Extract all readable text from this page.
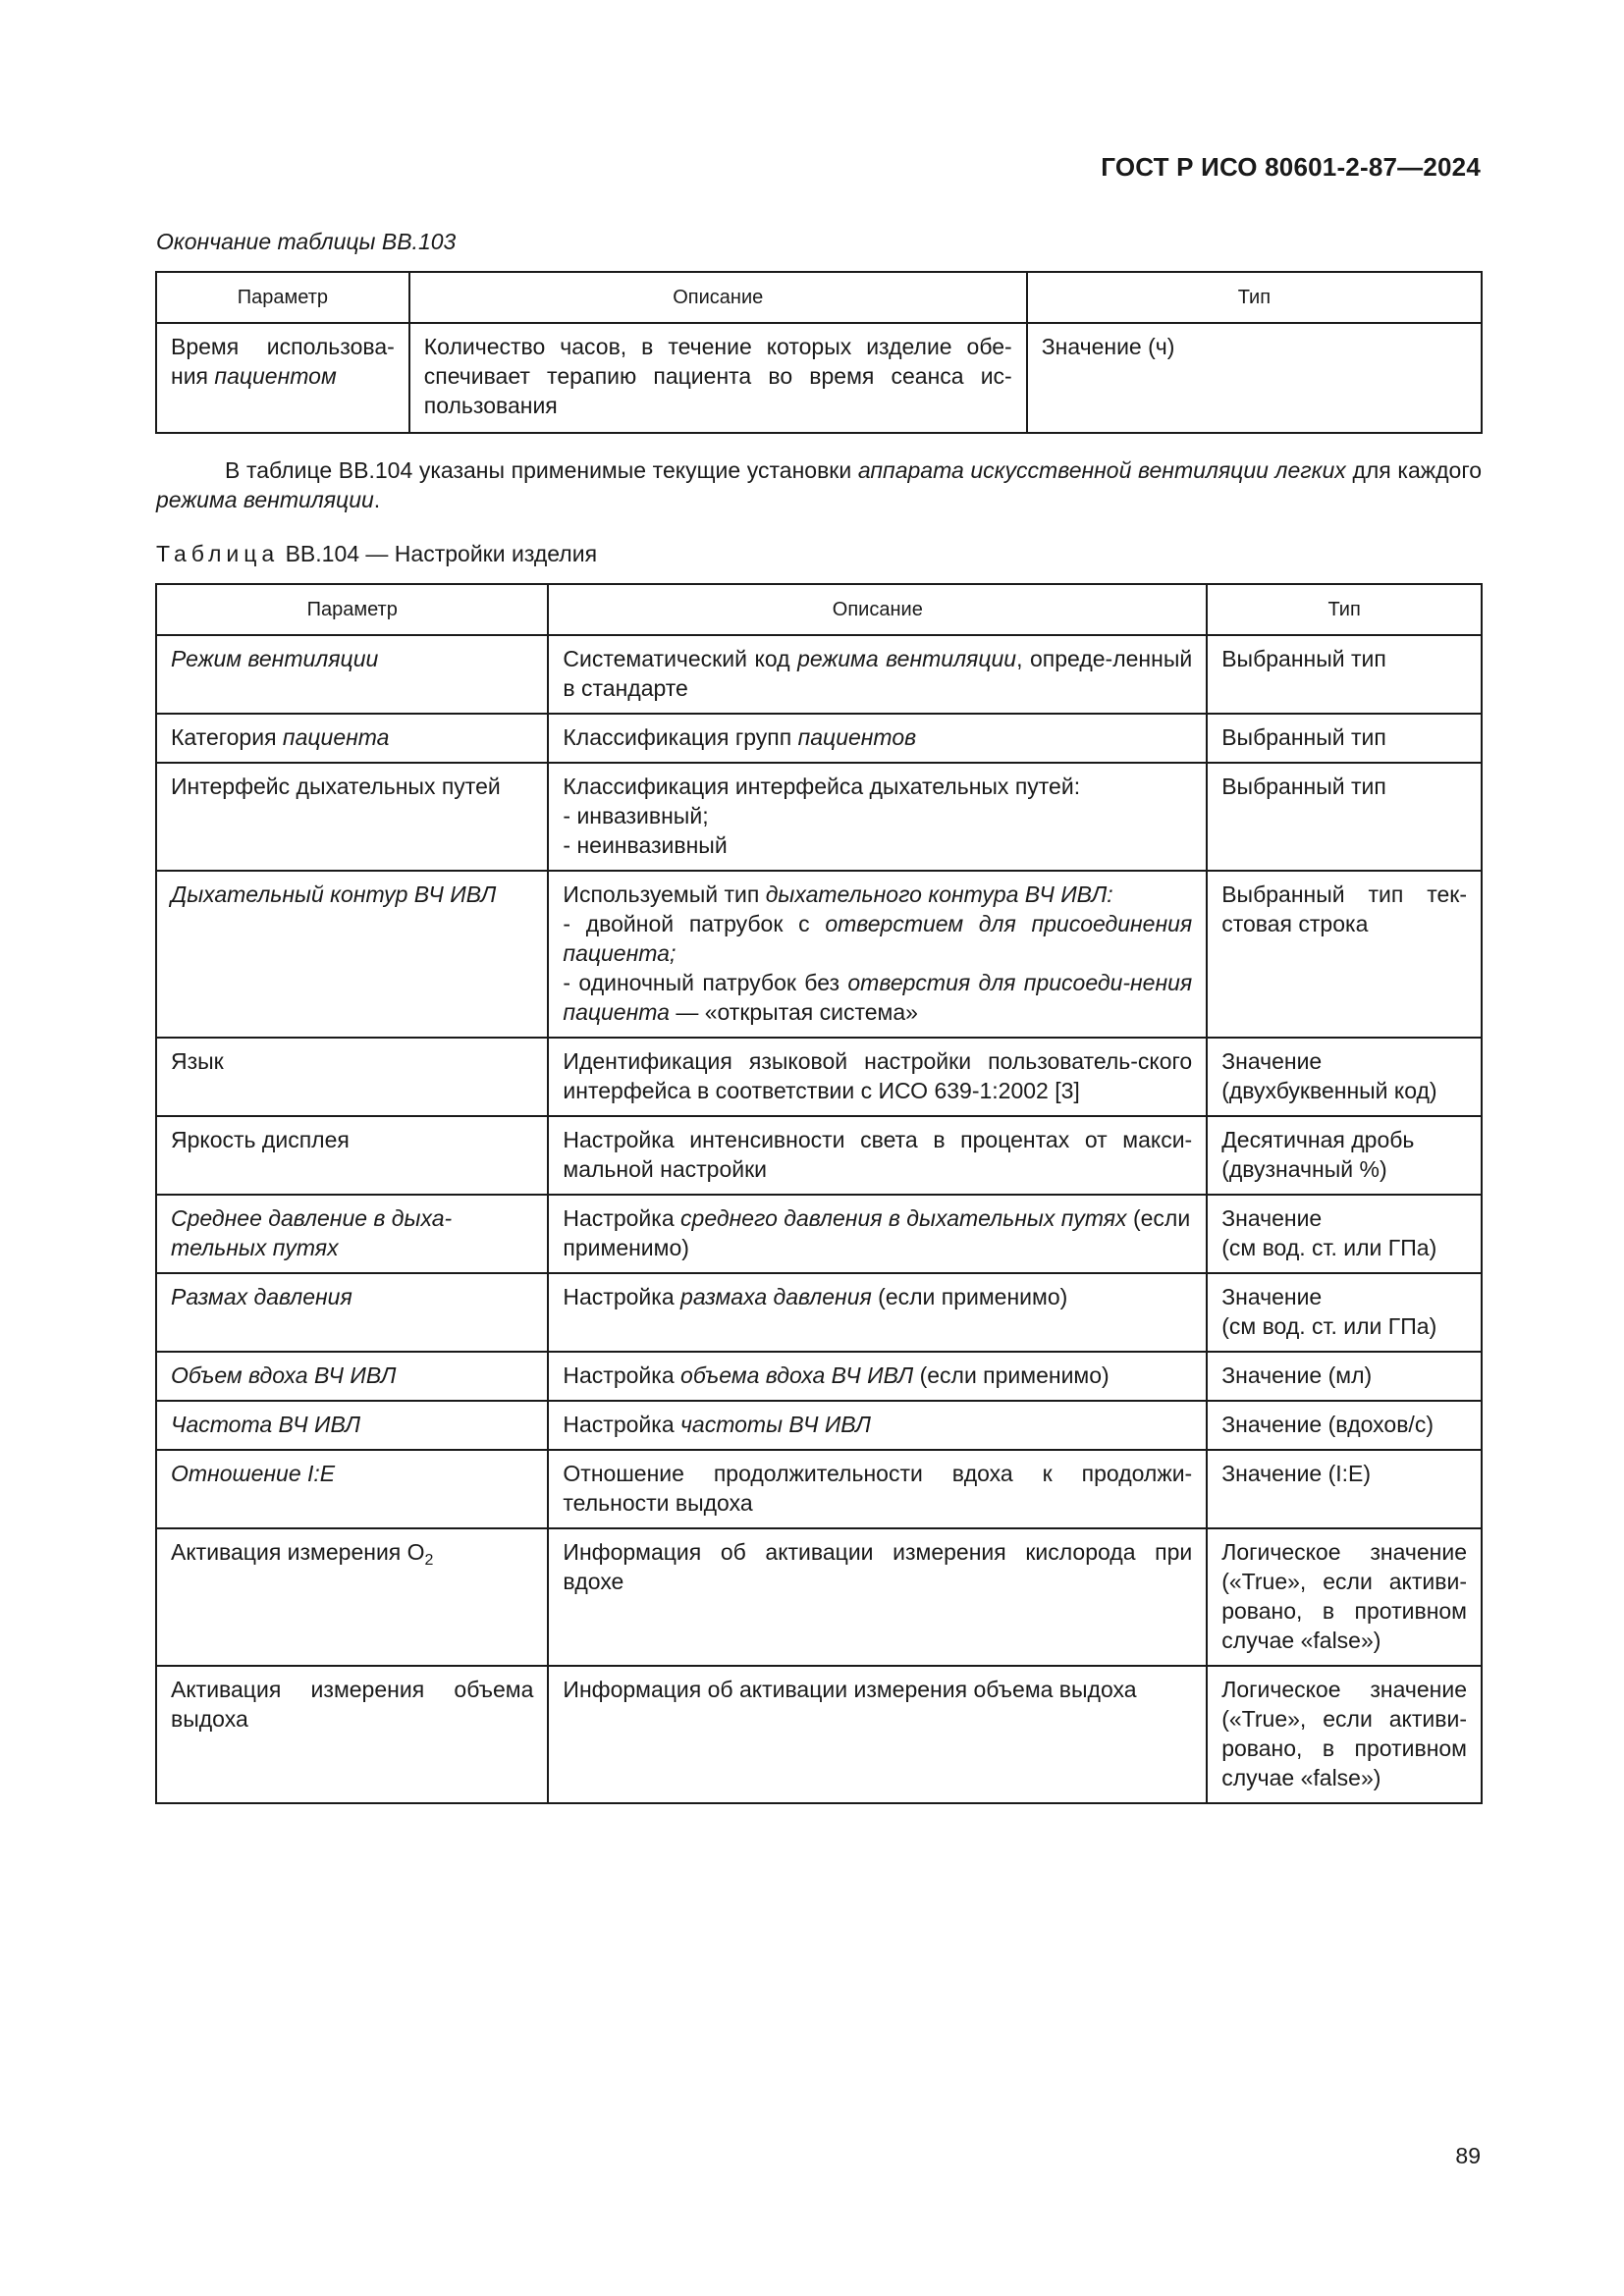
ГОСТ Р ИСО 80601-2-87—2024
Окончание таблицы ВВ.103
Параметр	Описание	Тип
Время использова-ния пациентом	Количество часов, в течение которых изделие обе-спечивает терапию пациента во время сеанса ис-пользования	Значение (ч)
В таблице ВВ.104 указаны применимые текущие установки аппарата искусственной вентиляции легких для каждого режима вентиляции.
Таблица ВВ.104 — Настройки изделия
Параметр	Описание	Тип
Режим вентиляции	Систематический код режима вентиляции, опреде-ленный в стандарте	Выбранный тип
Категория пациента	Классификация групп пациентов	Выбранный тип
Интерфейс дыхательных путей	Классификация интерфейса дыхательных путей:
- инвазивный;
- неинвазивный	Выбранный тип
Дыхательный контур ВЧ ИВЛ	Используемый тип дыхательного контура ВЧ ИВЛ:
- двойной патрубок с отверстием для присоединения пациента;
- одиночный патрубок без отверстия для присоеди-нения пациента — «открытая система»	Выбранный тип тек-стовая строка
Язык	Идентификация языковой настройки пользователь-ского интерфейса в соответствии с ИСО 639-1:2002 [3]	Значение
(двухбуквенный код)

Яркость дисплея	Настройка интенсивности света в процентах от макси-мальной настройки	Десятичная дробь
(двузначный %)

Среднее давление в дыха-тельных путях	Настройка среднего давления в дыхательных путях (если применимо)	Значение
(см вод. ст. или ГПа)

Размах давления	Настройка размаха давления (если применимо)	Значение
(см вод. ст. или ГПа)

Объем вдоха ВЧ ИВЛ	Настройка объема вдоха ВЧ ИВЛ (если применимо)	Значение (мл)
Частота ВЧ ИВЛ	Настройка частоты ВЧ ИВЛ	Значение (вдохов/с)
Отношение I:E	Отношение продолжительности вдоха к продолжи-тельности выдоха	Значение (I:E)
Активация измерения $O_2$	Информация об активации измерения кислорода при вдохе	Логическое значение («True», если активи-ровано, в противном случае «false»)
Активация измерения объема выдоха	Информация об активации измерения объема выдоха	Логическое значение («True», если активи-ровано, в противном случае «false»)
89
